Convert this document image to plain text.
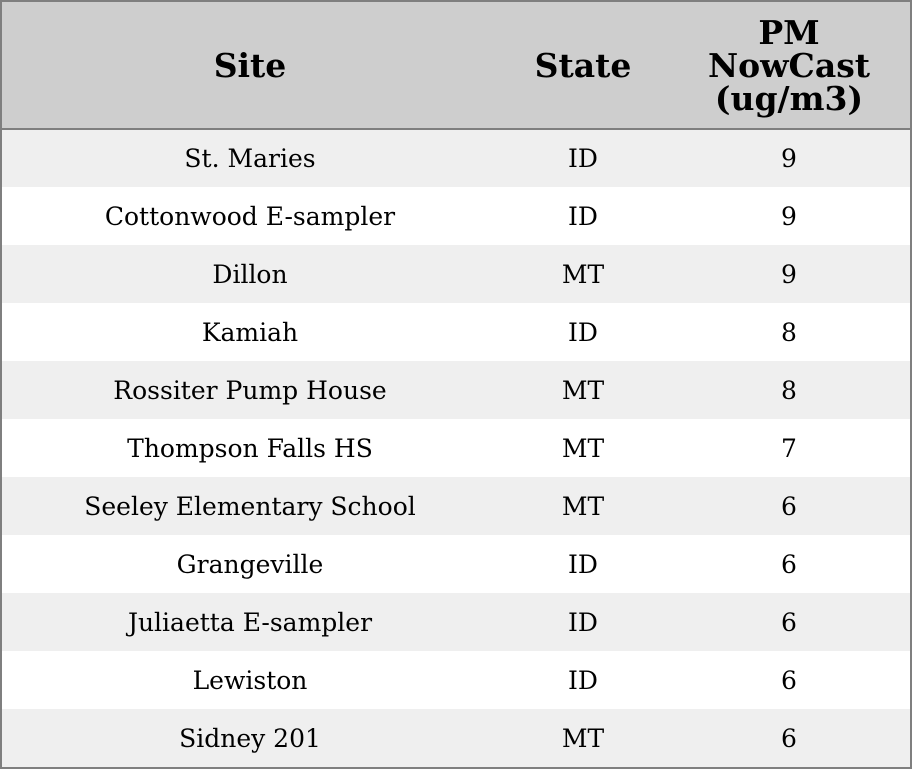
Site	State	PM
NowCast
(ug/m3)

St. Maries	ID	9
Cottonwood E-sampler	ID	9
Dillon	MT	9
Kamiah	ID	8
Rossiter Pump House	MT	8
Thompson Falls HS	MT	7
Seeley Elementary School	MT	6
Grangeville	ID	6
Juliaetta E-sampler	ID	6
Lewiston	ID	6
Sidney 201	MT	6
